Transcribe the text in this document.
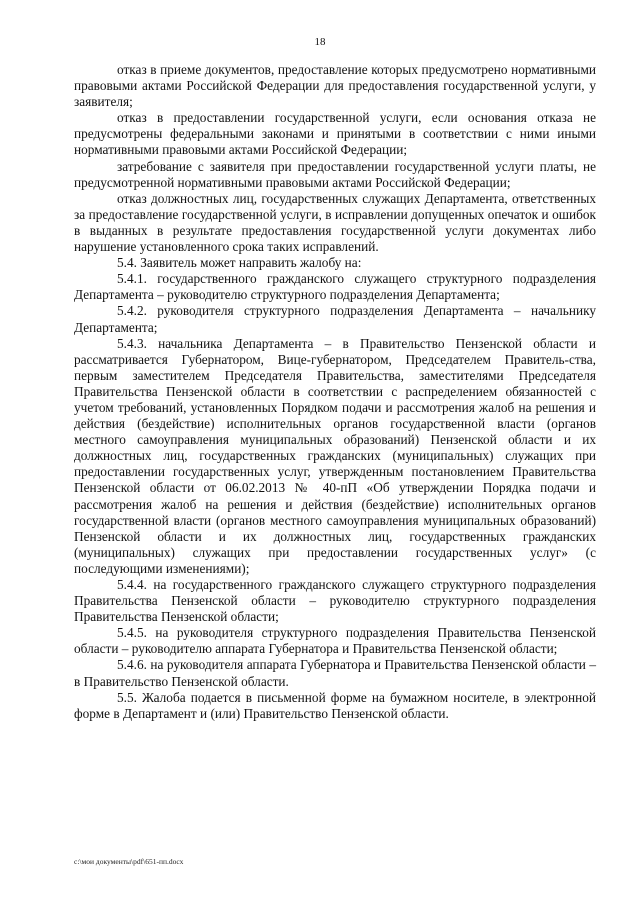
18

отказ в приеме документов, предоставление которых предусмотрено нормативными правовыми актами Российской Федерации для предоставления государственной услуги, у заявителя;

отказ в предоставлении государственной услуги, если основания отказа не предусмотрены федеральными законами и принятыми в соответствии с ними иными нормативными правовыми актами Российской Федерации;

затребование с заявителя при предоставлении государственной услуги платы, не предусмотренной нормативными правовыми актами Российской Федерации;

отказ должностных лиц, государственных служащих Департамента, ответственных за предоставление государственной услуги, в исправлении допущенных опечаток и ошибок в выданных в результате предоставления государственной услуги документах либо нарушение установленного срока таких исправлений.

5.4. Заявитель может направить жалобу на:

5.4.1. государственного гражданского служащего структурного подразделения Департамента – руководителю структурного подразделения Департамента;

5.4.2. руководителя структурного подразделения Департамента – начальнику Департамента;

5.4.3. начальника Департамента – в Правительство Пензенской области и рассматривается Губернатором, Вице-губернатором, Председателем Правитель-ства, первым заместителем Председателя Правительства, заместителями Председателя Правительства Пензенской области в соответствии с распределением обязанностей с учетом требований, установленных Порядком подачи и рассмотрения жалоб на решения и действия (бездействие) исполнительных органов государственной власти (органов местного самоуправления муниципальных образований) Пензенской области и их должностных лиц, государственных гражданских (муниципальных) служащих при предоставлении государственных услуг, утвержденным постановлением Правительства Пензенской области от 06.02.2013 № 40-пП «Об утверждении Порядка подачи и рассмотрения жалоб на решения и действия (бездействие) исполнительных органов государственной власти (органов местного самоуправления муниципальных образований) Пензенской области и их должностных лиц, государственных гражданских (муниципальных) служащих при предоставлении государственных услуг» (с последующими изменениями);

5.4.4. на государственного гражданского служащего структурного подразделения Правительства Пензенской области – руководителю структурного подразделения Правительства Пензенской области;

5.4.5. на руководителя структурного подразделения Правительства Пензенской области – руководителю аппарата Губернатора и Правительства Пензенской области;

5.4.6. на руководителя аппарата Губернатора и Правительства Пензенской области – в Правительство Пензенской области.

5.5. Жалоба подается в письменной форме на бумажном носителе, в электронной форме в Департамент и (или) Правительство Пензенской области.

c:\мои документы\pdf\651-пп.docx
